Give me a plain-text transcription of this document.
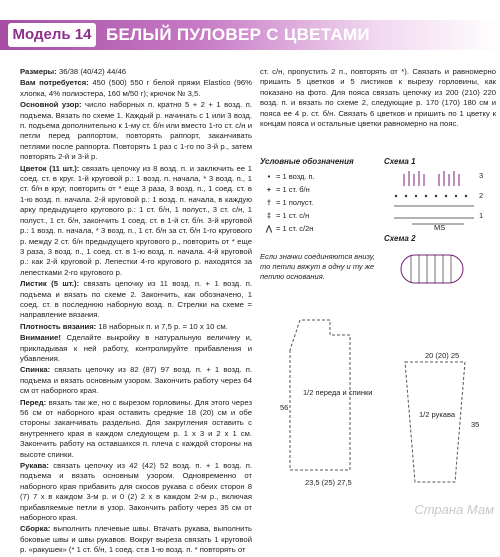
Модель 14 БЕЛЫЙ ПУЛОВЕР С ЦВЕТАМИ

Размеры: 36/38 (40/42) 44/46

Вам потребуется: 450 (500) 550 г белой пряжи Elastico (96% хлопка, 4% полиэстера, 160 м/50 г); крючок № 3,5.

Основной узор: число наборных п. кратно 5 + 2 + 1 возд. п. подъема. Вязать по схеме 1. Каждый р. начинать с 1 или 3 возд. п. подъема дополнительно к 1-му ст. б/н или вместо 1-го ст. с/н и петли перед раппортом, повторять раппорт, заканчивать петлями после раппорта. Повторять 1 раз с 1-го по 3-й р., затем повторять 2-й и 3-й р.

Цветок (11 шт.): связать цепочку из 8 возд. п. и заключить ее 1 соед. ст. в круг. 1-й круговой р.: 1 возд. п. начала, * 3 возд. п., 1 ст. б/н в круг, повторить от * еще 3 раза, 3 возд. п., 1 соед. ст. в 1-ю возд. п. начала. 2-й круговой р.: 1 возд. п. начала, в каждую арку предыдущего кругового р.: 1 ст. б/н, 1 полуст., 3 ст. с/н, 1 полуст., 1 ст. б/н, закончить 1 соед. ст. в 1-й ст. б/н. 3-й круговой р.: 1 возд. п. начала, * 3 возд. п., 1 ст. б/н за ст. б/н 1-го кругового р. между 2 ст. б/н предыдущего кругового р., повторить от * еще 3 раза, 3 возд. п., 1 соед. ст. в 1-ю возд. п. начала. 4-й круговой р.: как 2-й круговой р. Лепестки 4-го кругового р. находятся за лепестками 2-го кругового р.

Листик (5 шт.): связать цепочку из 11 возд. п. + 1 возд. п. подъема и вязать по схеме 2. Закончить, как обозначено, 1 соед. ст. в последнюю наборную возд. п. Стрелки на схеме = направление вязания.

Плотность вязания: 18 наборных п. и 7,5 р. = 10 х 10 см.

Внимание! Сделайте выкройку в натуральную величину и, прикладывая к ней работу, контролируйте прибавления и убавления.

Спинка: связать цепочку из 82 (87) 97 возд. п. + 1 возд. п. подъема и вязать основным узором. Закончить работу через 64 см от наборного края.

Перед: вязать так же, но с вырезом горловины. Для этого через 56 см от наборного края оставить средние 18 (20) см и обе стороны заканчивать раздельно. Для закругления оставить с внутреннего края в каждом следующем р. 1 х 3 и 2 х 1 см. Закончить работу на оставшихся п. плеча с каждой стороны на высоте спинки.

Рукава: связать цепочку из 42 (42) 52 возд. п. + 1 возд. п. подъема и вязать основным узором. Одновременно от наборного края прибавить для скосов рукава с обеих сторон 8 (7) 7 х в каждом 3-м р. и 0 (2) 2 х в каждом 2-м р., включая прибавляемые петли в узор. Закончить работу через 35 см от наборного края.

Сборка: выполнить плечевые швы. Втачать рукава, выполнить боковые швы и швы рукавов. Вокруг выреза связать 1 круговой р. «ракушек» (* 1 ст. б/н, 1 соед. ст.в 1-ю возд. п. * повторять от

ст. с/н, пропустить 2 п., повторять от *). Связать и равномерно пришить 5 цветков и 5 листиков к вырезу горловины, как показано на фото. Для пояса связать цепочку из 200 (210) 220 возд. п. и вязать по схеме 2, следующие р. 170 (170) 180 см и пояса ее 4 р. ст. б/н. Связать 6 цветков и пришить по 1 цветку к концам пояса и остальные цветки равномерно на пояс.

Условные обозначения
• = 1 возд. п.
+ = 1 ст. б/н
† = 1 полуст.
‡ = 1 ст. с/н
⋀ = 1 ст. с/2н
Если значки соединяются внизу, то петли вяжут в одну и ту же петлю основания.
Схема 1
3
2
1
MS
Схема 2
1/2 переда и спинки
56
23,5 (25) 27,5
1/2 рукава
20 (20) 25
35
Страна Мам
